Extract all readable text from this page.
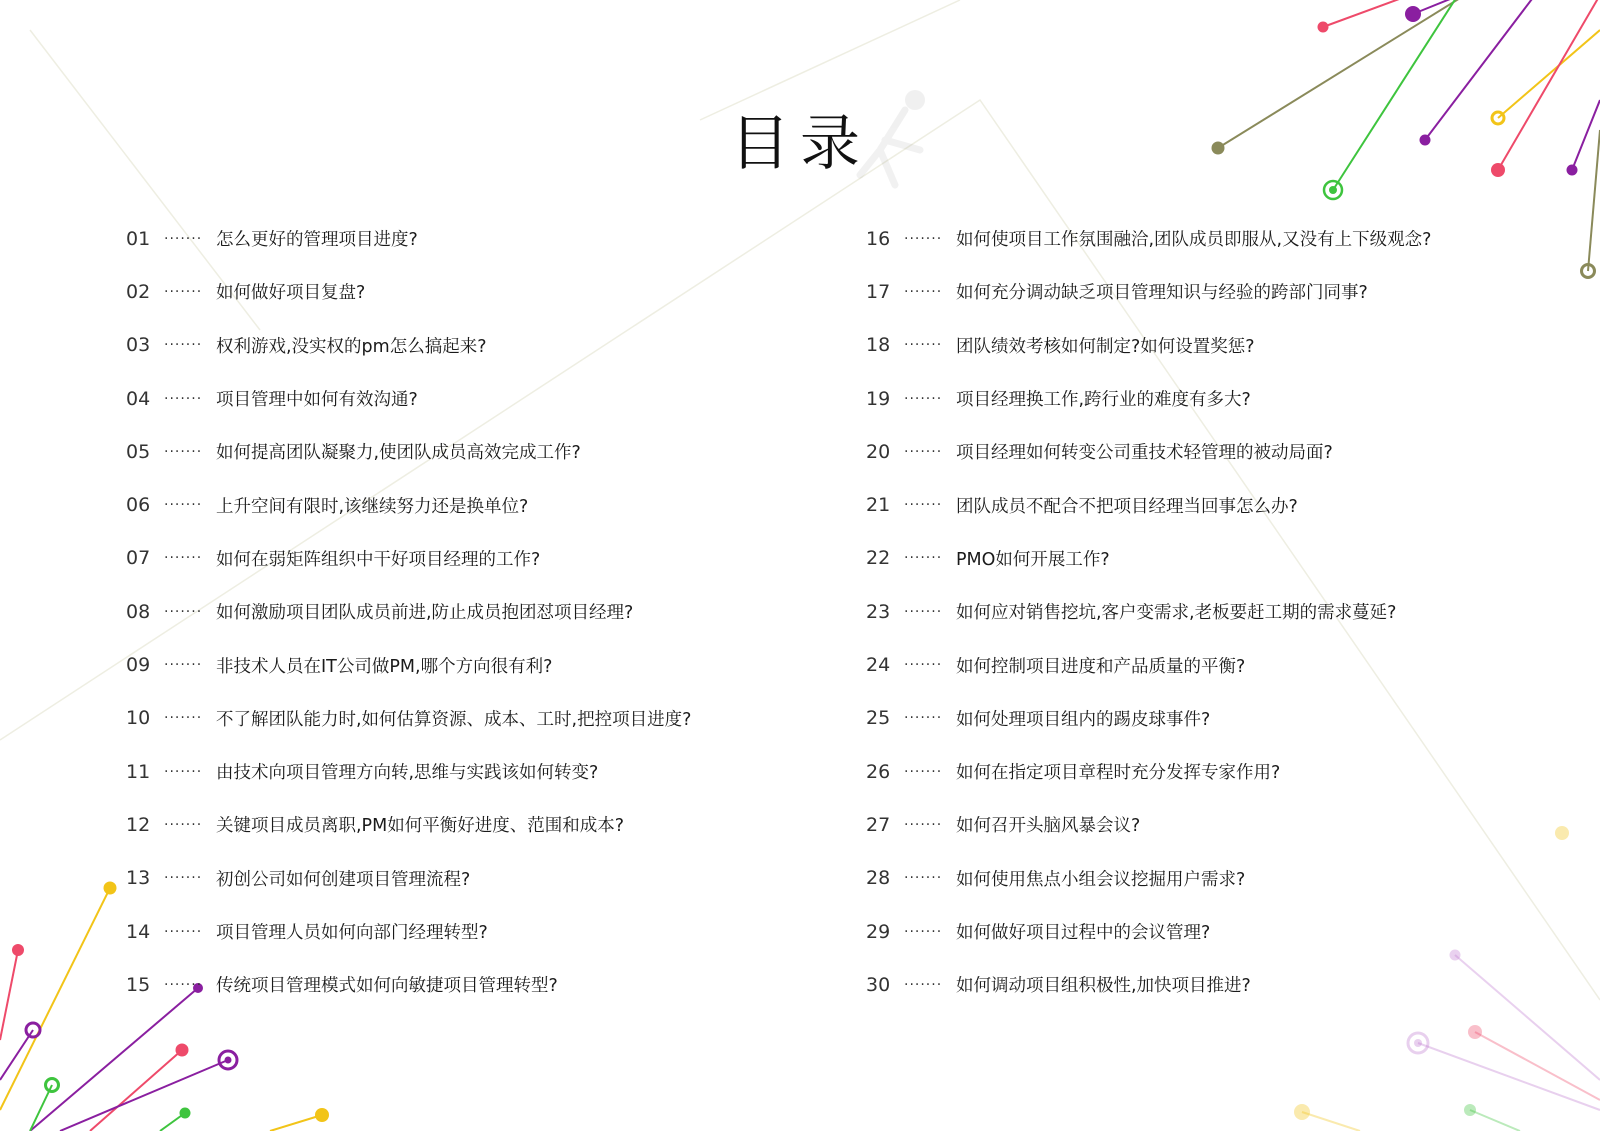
目录
01 ······· 怎么更好的管理项目进度?
02 ······· 如何做好项目复盘?
03 ······· 权利游戏,没实权的pm怎么搞起来?
04 ······· 项目管理中如何有效沟通?
05 ······· 如何提高团队凝聚力,使团队成员高效完成工作?
06 ······· 上升空间有限时,该继续努力还是换单位?
07 ······· 如何在弱矩阵组织中干好项目经理的工作?
08 ······· 如何激励项目团队成员前进,防止成员抱团怼项目经理?
09 ······· 非技术人员在IT公司做PM,哪个方向很有利?
10 ······· 不了解团队能力时,如何估算资源、成本、工时,把控项目进度?
11 ······· 由技术向项目管理方向转,思维与实践该如何转变?
12 ······· 关键项目成员离职,PM如何平衡好进度、范围和成本?
13 ······· 初创公司如何创建项目管理流程?
14 ······· 项目管理人员如何向部门经理转型?
15 ······· 传统项目管理模式如何向敏捷项目管理转型?
16 ······· 如何使项目工作氛围融洽,团队成员即服从,又没有上下级观念?
17 ······· 如何充分调动缺乏项目管理知识与经验的跨部门同事?
18 ······· 团队绩效考核如何制定?如何设置奖惩?
19 ······· 项目经理换工作,跨行业的难度有多大?
20 ······· 项目经理如何转变公司重技术轻管理的被动局面?
21 ······· 团队成员不配合不把项目经理当回事怎么办?
22 ······· PMO如何开展工作?
23 ······· 如何应对销售挖坑,客户变需求,老板要赶工期的需求蔓延?
24 ······· 如何控制项目进度和产品质量的平衡?
25 ······· 如何处理项目组内的踢皮球事件?
26 ······· 如何在指定项目章程时充分发挥专家作用?
27 ······· 如何召开头脑风暴会议?
28 ······· 如何使用焦点小组会议挖掘用户需求?
29 ······· 如何做好项目过程中的会议管理?
30 ······· 如何调动项目组积极性,加快项目推进?
